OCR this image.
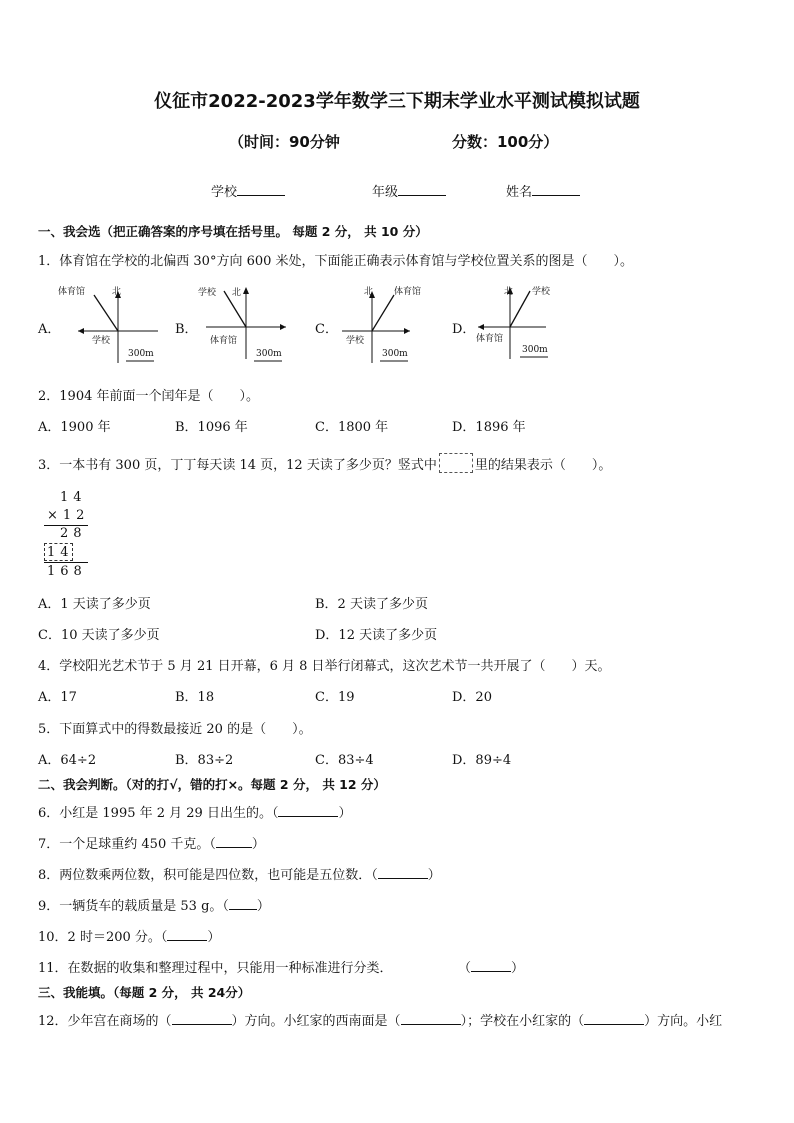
仪征市2022-2023学年数学三下期末学业水平测试模拟试题
（时间：90分钟	分数：100分）
学校	年级	姓名
一、我会选（把正确答案的序号填在括号里。 每题 2 分， 共 10 分）
1．体育馆在学校的北偏西 30°方向 600 米处，下面能正确表示体育馆与学校位置关系的图是（　　）。
A．
体育馆	北
学校
300m
B．
学校 北
体育馆
300m
C．
北 体育馆
学校
300m
D．
北 学校
体育馆
300m
2．1904 年前面一个闰年是（　　）。
A．1900 年	B．1096 年	C．1800 年	D．1896 年
3．一本书有 300 页，丁丁每天读 14 页，12 天读了多少页？竖式中	里的结果表示（　　）。
14
×12
28
14
168
A．1 天读了多少页	B．2 天读了多少页
C．10 天读了多少页	D．12 天读了多少页
4．学校阳光艺术节于 5 月 21 日开幕，6 月 8 日举行闭幕式，这次艺术节一共开展了（　　）天。
A．17	B．18	C．19	D．20
5．下面算式中的得数最接近 20 的是（　　）。
A．64÷2	B．83÷2	C．83÷4	D．89÷4
二、我会判断。（对的打√，错的打×。每题 2 分， 共 12 分）
6．小红是 1995 年 2 月 29 日出生的。（	）
7．一个足球重约 450 千克。（	）
8．两位数乘两位数，积可能是四位数，也可能是五位数．（	）
9．一辆货车的载质量是 53 g。（ ）
10．2 时＝200 分。（	）
11．在数据的收集和整理过程中，只能用一种标准进行分类．	（	）
三、我能填。（每题 2 分， 共 24分）
12．少年宫在商场的（	）方向。小红家的西南面是（	）；学校在小红家的（	）方向。小红
